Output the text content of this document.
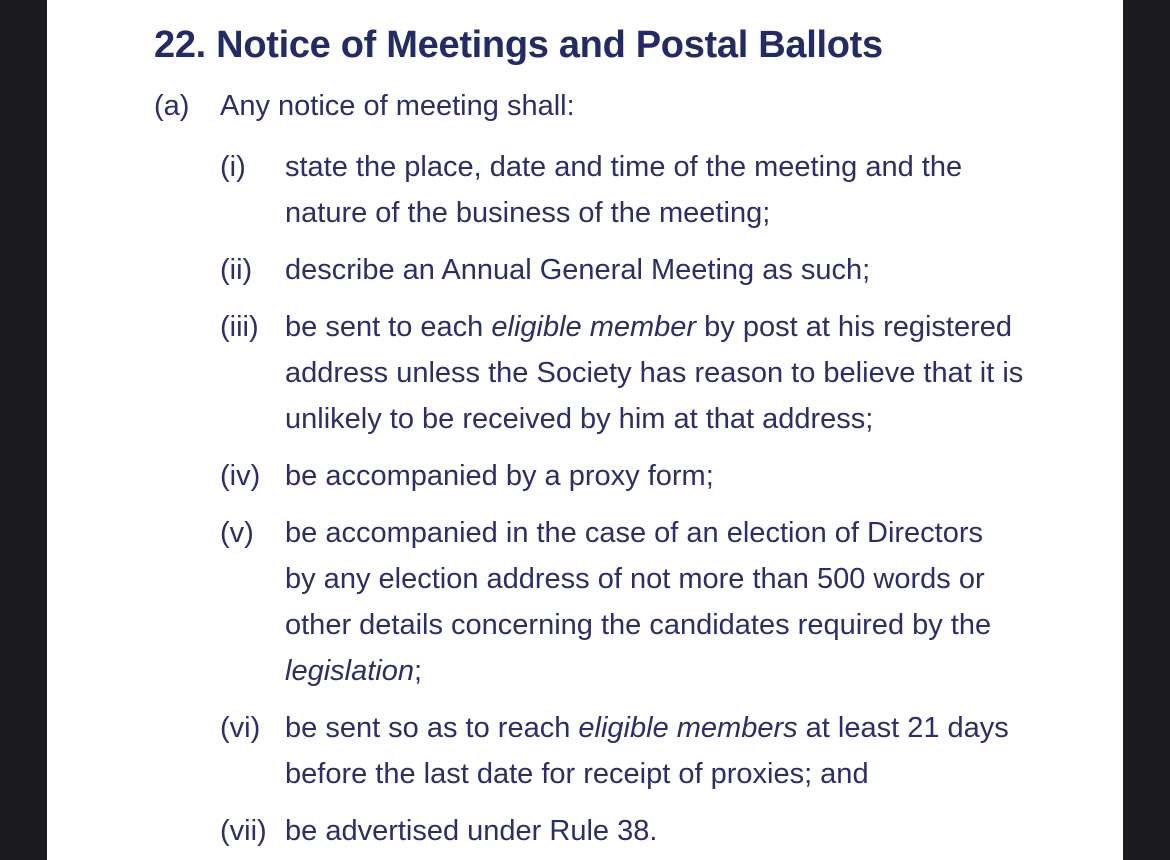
22. Notice of Meetings and Postal Ballots
(a) Any notice of meeting shall:
(i) state the place, date and time of the meeting and the
nature of the business of the meeting;
(ii) describe an Annual General Meeting as such;
(iii) be sent to each eligible member by post at his registered
address unless the Society has reason to believe that it is
unlikely to be received by him at that address;
(iv) be accompanied by a proxy form;
(v) be accompanied in the case of an election of Directors
by any election address of not more than 500 words or
other details concerning the candidates required by the
legislation;
(vi) be sent so as to reach eligible members at least 21 days
before the last date for receipt of proxies; and
(vii) be advertised under Rule 38.
